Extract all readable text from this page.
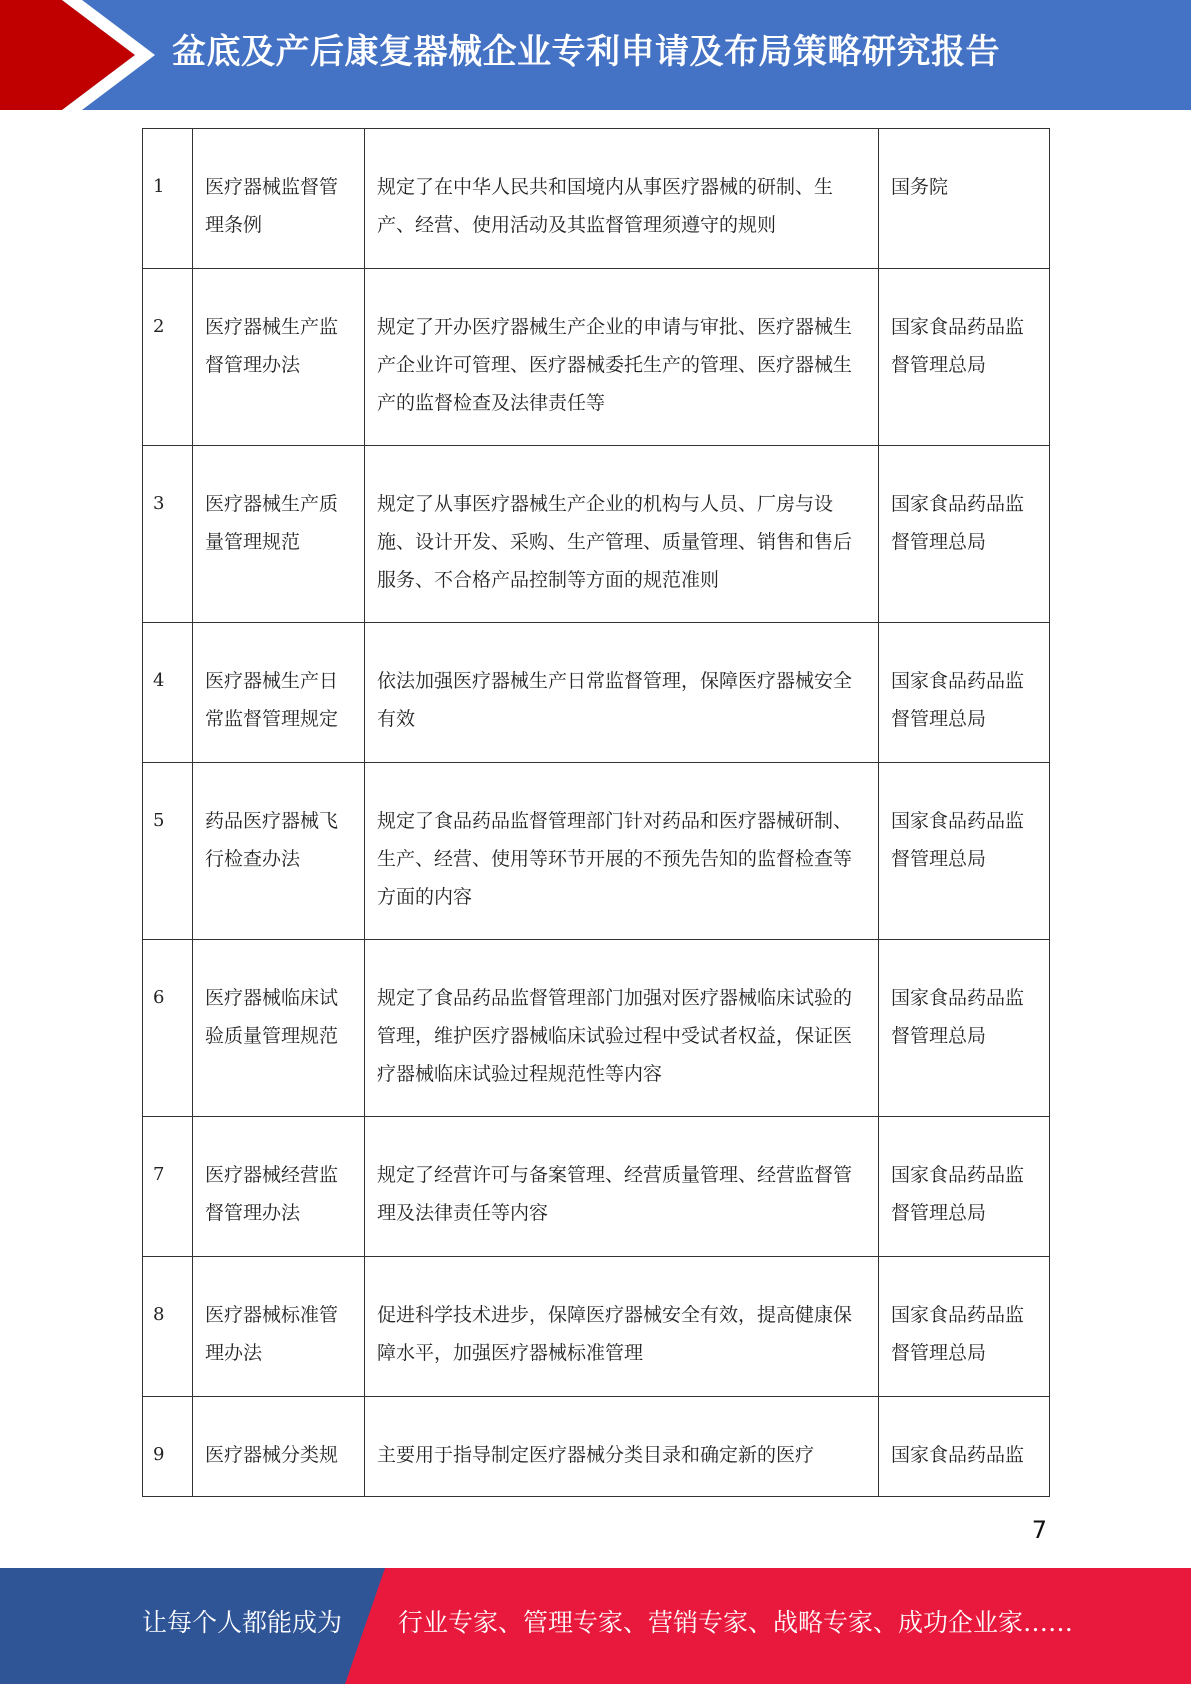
盆底及产后康复器械企业专利申请及布局策略研究报告
1	医疗器械监督管理条例	规定了在中华人民共和国境内从事医疗器械的研制、生产、经营、使用活动及其监督管理须遵守的规则	国务院
2	医疗器械生产监督管理办法	规定了开办医疗器械生产企业的申请与审批、医疗器械生产企业许可管理、医疗器械委托生产的管理、医疗器械生产的监督检查及法律责任等	国家食品药品监督管理总局
3	医疗器械生产质量管理规范	规定了从事医疗器械生产企业的机构与人员、厂房与设施、设计开发、采购、生产管理、质量管理、销售和售后服务、不合格产品控制等方面的规范准则	国家食品药品监督管理总局
4	医疗器械生产日常监督管理规定	依法加强医疗器械生产日常监督管理，保障医疗器械安全有效	国家食品药品监督管理总局
5	药品医疗器械飞行检查办法	规定了食品药品监督管理部门针对药品和医疗器械研制、生产、经营、使用等环节开展的不预先告知的监督检查等方面的内容	国家食品药品监督管理总局
6	医疗器械临床试验质量管理规范	规定了食品药品监督管理部门加强对医疗器械临床试验的管理，维护医疗器械临床试验过程中受试者权益，保证医疗器械临床试验过程规范性等内容	国家食品药品监督管理总局
7	医疗器械经营监督管理办法	规定了经营许可与备案管理、经营质量管理、经营监督管理及法律责任等内容	国家食品药品监督管理总局
8	医疗器械标准管理办法	促进科学技术进步，保障医疗器械安全有效，提高健康保障水平，加强医疗器械标准管理	国家食品药品监督管理总局
9	医疗器械分类规	主要用于指导制定医疗器械分类目录和确定新的医疗	国家食品药品监
7
让每个人都能成为 行业专家、管理专家、营销专家、战略专家、成功企业家……
